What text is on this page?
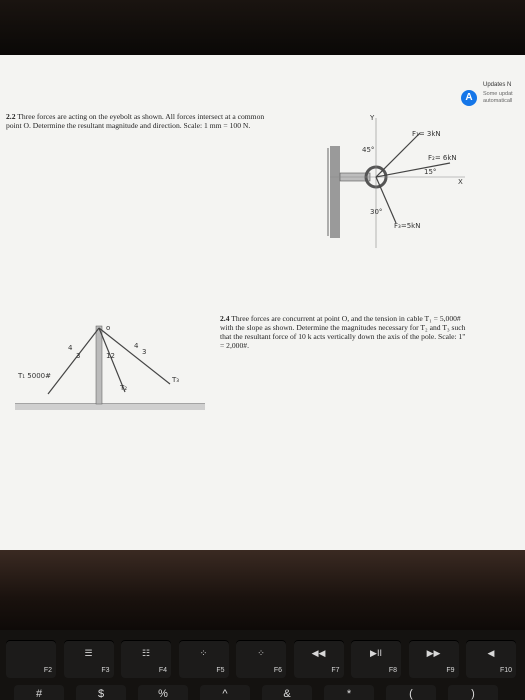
A
Updates N
Some updat
automaticall
2.2 Three forces are acting on the eyebolt as shown. All forces intersect at a common point O. Determine the resultant magnitude and direction. Scale: 1 mm = 100 N.
Y
X
F₁= 3kN
F₂= 6kN
F₃=5kN
45°
15°
30°
2.4 Three forces are concurrent at point O, and the tension in cable T₁ = 5,000# with the slope as shown. Determine the magnitudes necessary for T₂ and T₃ such that the resultant force of 10 k acts vertically down the axis of the pole. Scale: 1" = 2,000#.
o
T₁ 5000#
T₂
T₃
4
3
4
3
12
F2
☰
F3
☷
F4
⁘
F5
⁘
F6
◀◀
F7
▶II
F8
▶▶
F9
◀
F10
#	$	%	^	&	*	(	)
